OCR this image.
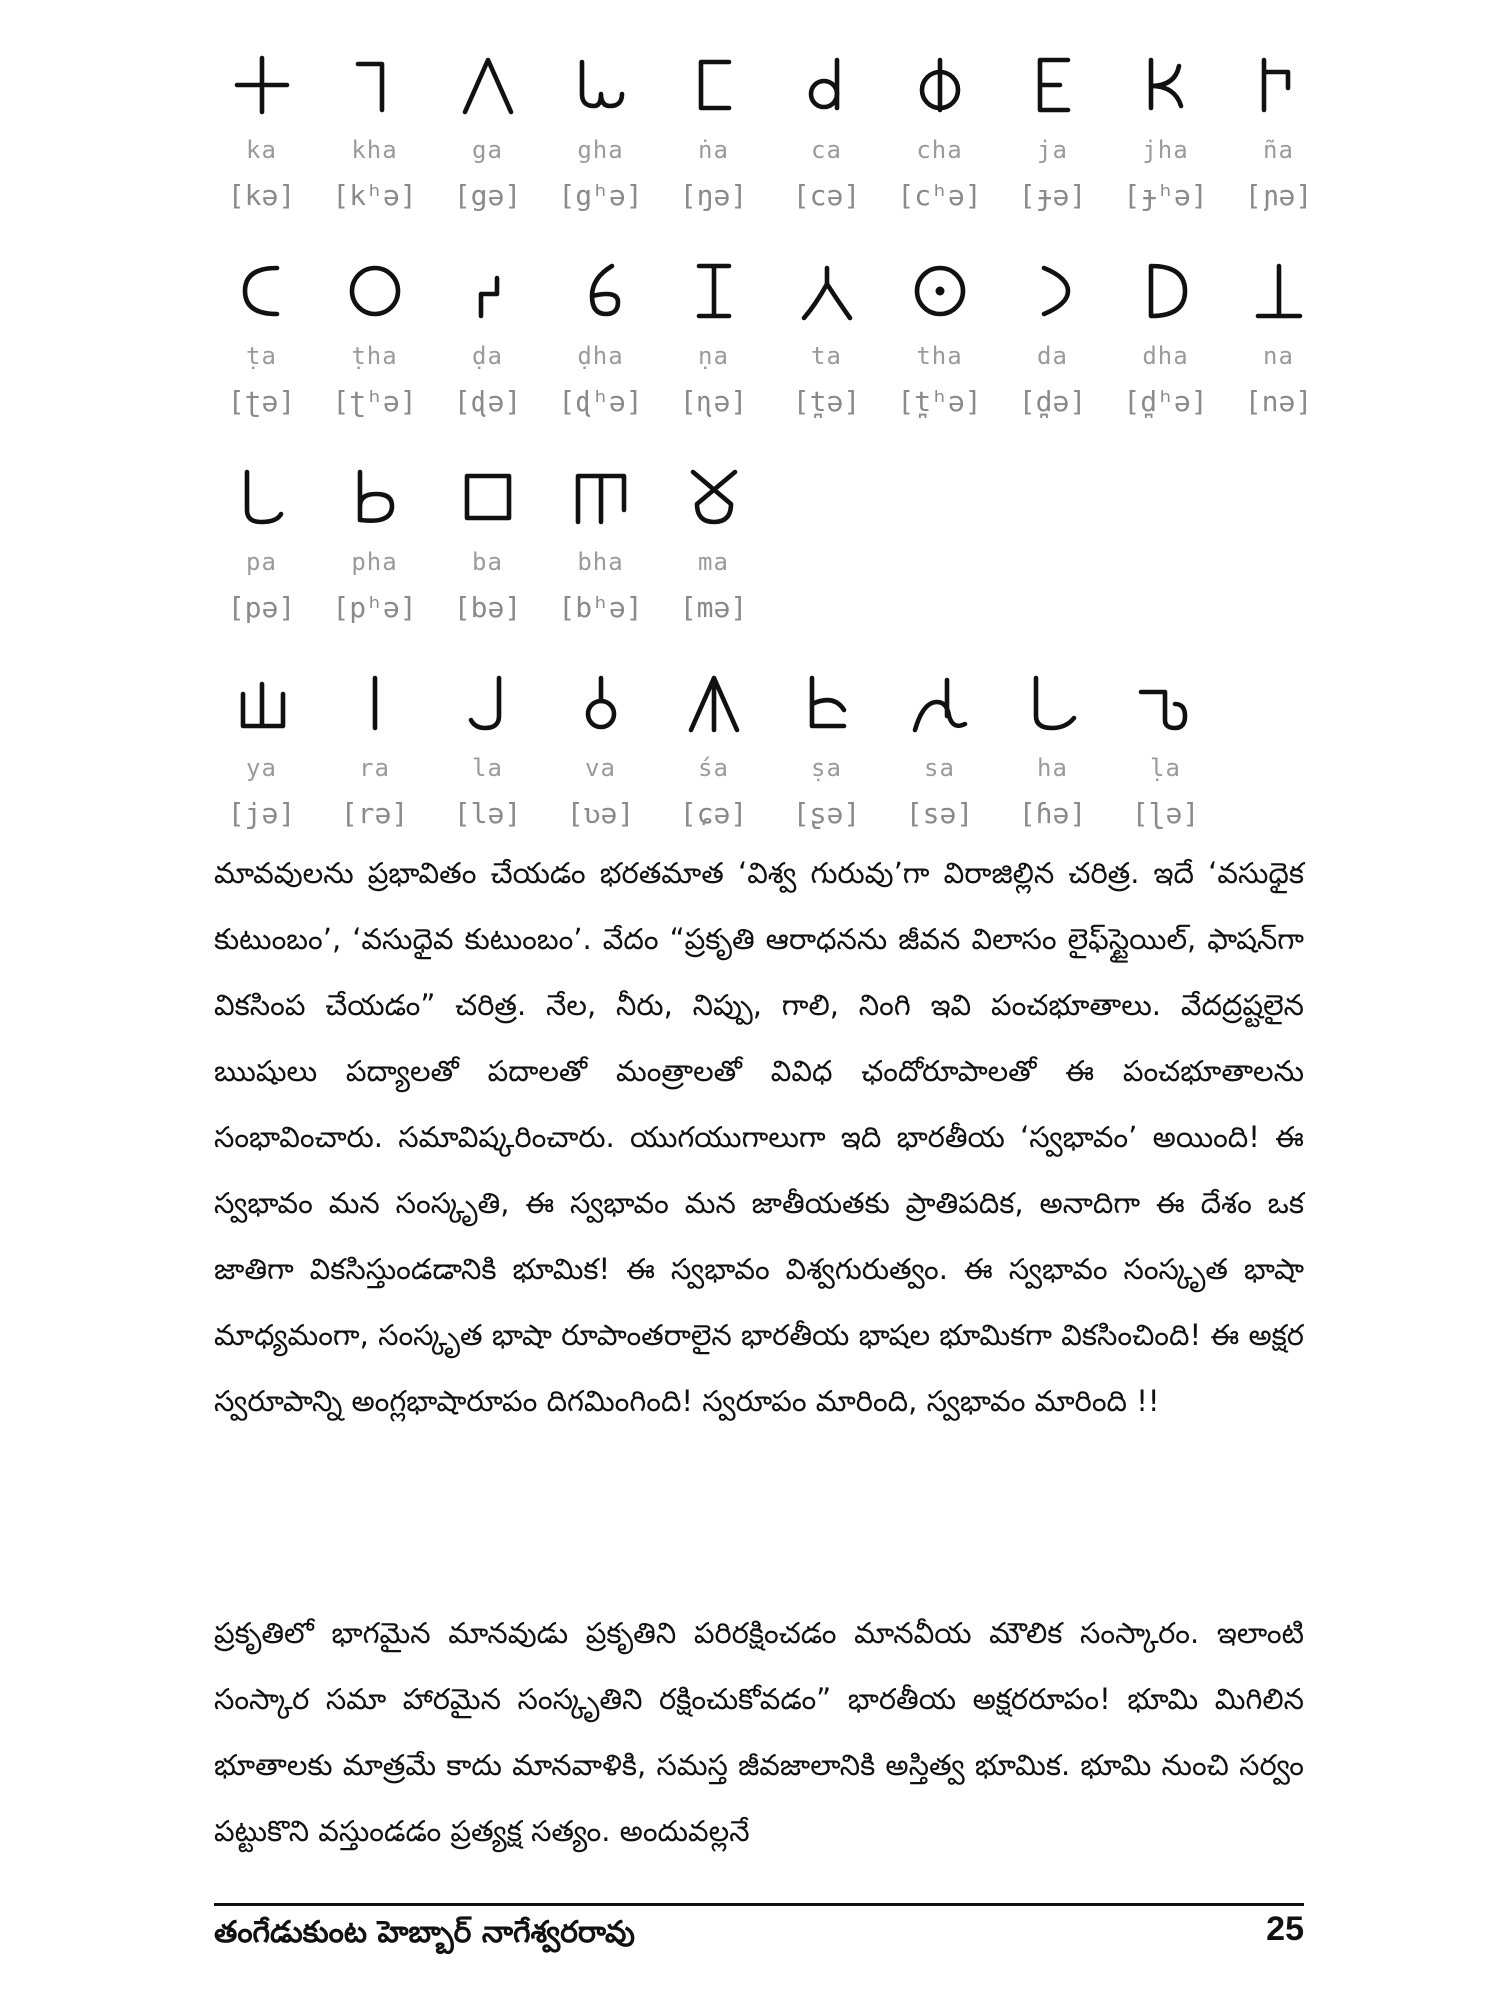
ka
[kə]
kha
[kʰə]
ga
[gə]
gha
[gʰə]
ṅa
[ŋə]
ca
[cə]
cha
[cʰə]
ja
[ɟə]
jha
[ɟʰə]
ña
[ɲə]
ṭa
[ʈə]
ṭha
[ʈʰə]
ḍa
[ɖə]
ḍha
[ɖʰə]
ṇa
[ɳə]
ta
[t̪ə]
tha
[t̪ʰə]
da
[d̪ə]
dha
[d̪ʰə]
na
[nə]
pa
[pə]
pha
[pʰə]
ba
[bə]
bha
[bʰə]
ma
[mə]
ya
[jə]
ra
[rə]
la
[lə]
va
[ʋə]
śa
[ɕə]
ṣa
[ʂə]
sa
[sə]
ha
[ɦə]
ḷa
[ɭə]

మావవులను ప్రభావితం చేయడం భరతమాత ‘విశ్వ గురువు’గా విరాజిల్లిన చరిత్ర. ఇదే ‘వసుధైక కుటుంబం’, ‘వసుధైవ కుటుంబం’. వేదం “ప్రకృతి ఆరాధనను జీవన విలాసం లైఫ్‌స్టైయిల్, ఫాషన్‌గా వికసింప చేయడం” చరిత్ర. నేల, నీరు, నిప్పు, గాలి, నింగి ఇవి పంచభూతాలు. వేదద్రష్టలైన ఋషులు పద్యాలతో పదాలతో మంత్రాలతో వివిధ ఛందోరూపాలతో ఈ పంచభూతాలను సంభావించారు. సమావిష్కరించారు. యుగయుగాలుగా ఇది భారతీయ ‘స్వభావం’ అయింది! ఈ స్వభావం మన సంస్కృతి, ఈ స్వభావం మన జాతీయతకు ప్రాతిపదిక, అనాదిగా ఈ దేశం ఒక జాతిగా వికసిస్తుండడానికి భూమిక! ఈ స్వభావం విశ్వగురుత్వం. ఈ స్వభావం సంస్కృత భాషా మాధ్యమంగా, సంస్కృత భాషా రూపాంతరాలైన భారతీయ భాషల భూమికగా వికసించింది! ఈ అక్షర స్వరూపాన్ని అంగ్లభాషారూపం దిగమింగింది! స్వరూపం మారింది, స్వభావం మారింది !!

ప్రకృతిలో భాగమైన మానవుడు ప్రకృతిని పరిరక్షించడం మానవీయ మౌలిక సంస్కారం. ఇలాంటి సంస్కార సమా హారమైన సంస్కృతిని రక్షించుకోవడం” భారతీయ అక్షరరూపం! భూమి మిగిలిన భూతాలకు మాత్రమే కాదు మానవాళికి, సమస్త జీవజాలానికి అస్తిత్వ భూమిక. భూమి నుంచి సర్వం పట్టుకొని వస్తుండడం ప్రత్యక్ష సత్యం. అందువల్లనే

తంగేడుకుంట హెబ్బార్ నాగేశ్వరరావు	25
